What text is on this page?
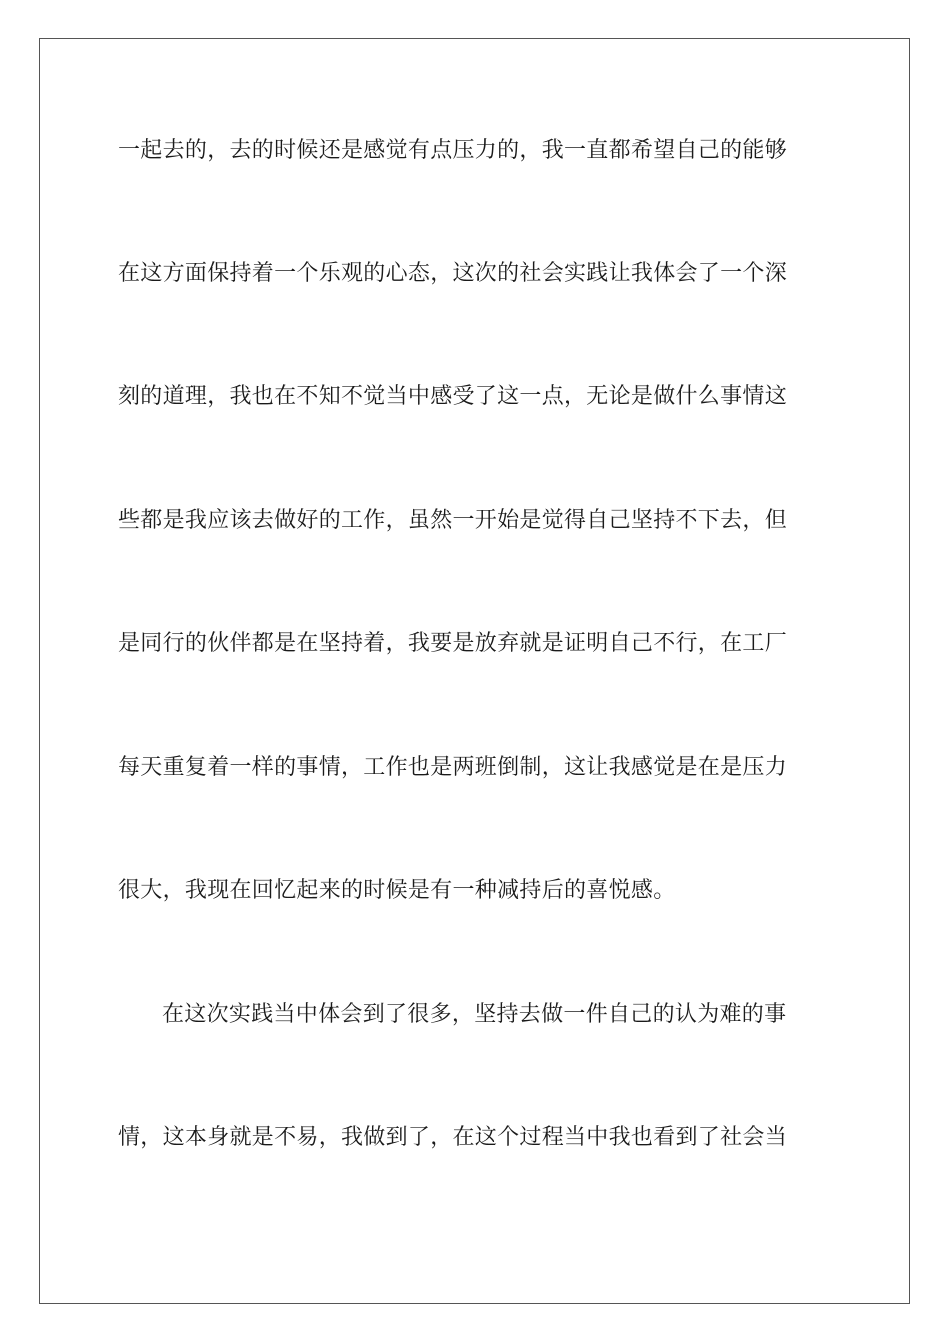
一起去的，去的时候还是感觉有点压力的，我一直都希望自己的能够
在这方面保持着一个乐观的心态，这次的社会实践让我体会了一个深
刻的道理，我也在不知不觉当中感受了这一点，无论是做什么事情这
些都是我应该去做好的工作，虽然一开始是觉得自己坚持不下去，但
是同行的伙伴都是在坚持着，我要是放弃就是证明自己不行，在工厂
每天重复着一样的事情，工作也是两班倒制，这让我感觉是在是压力
很大，我现在回忆起来的时候是有一种减持后的喜悦感。
在这次实践当中体会到了很多，坚持去做一件自己的认为难的事
情，这本身就是不易，我做到了，在这个过程当中我也看到了社会当
